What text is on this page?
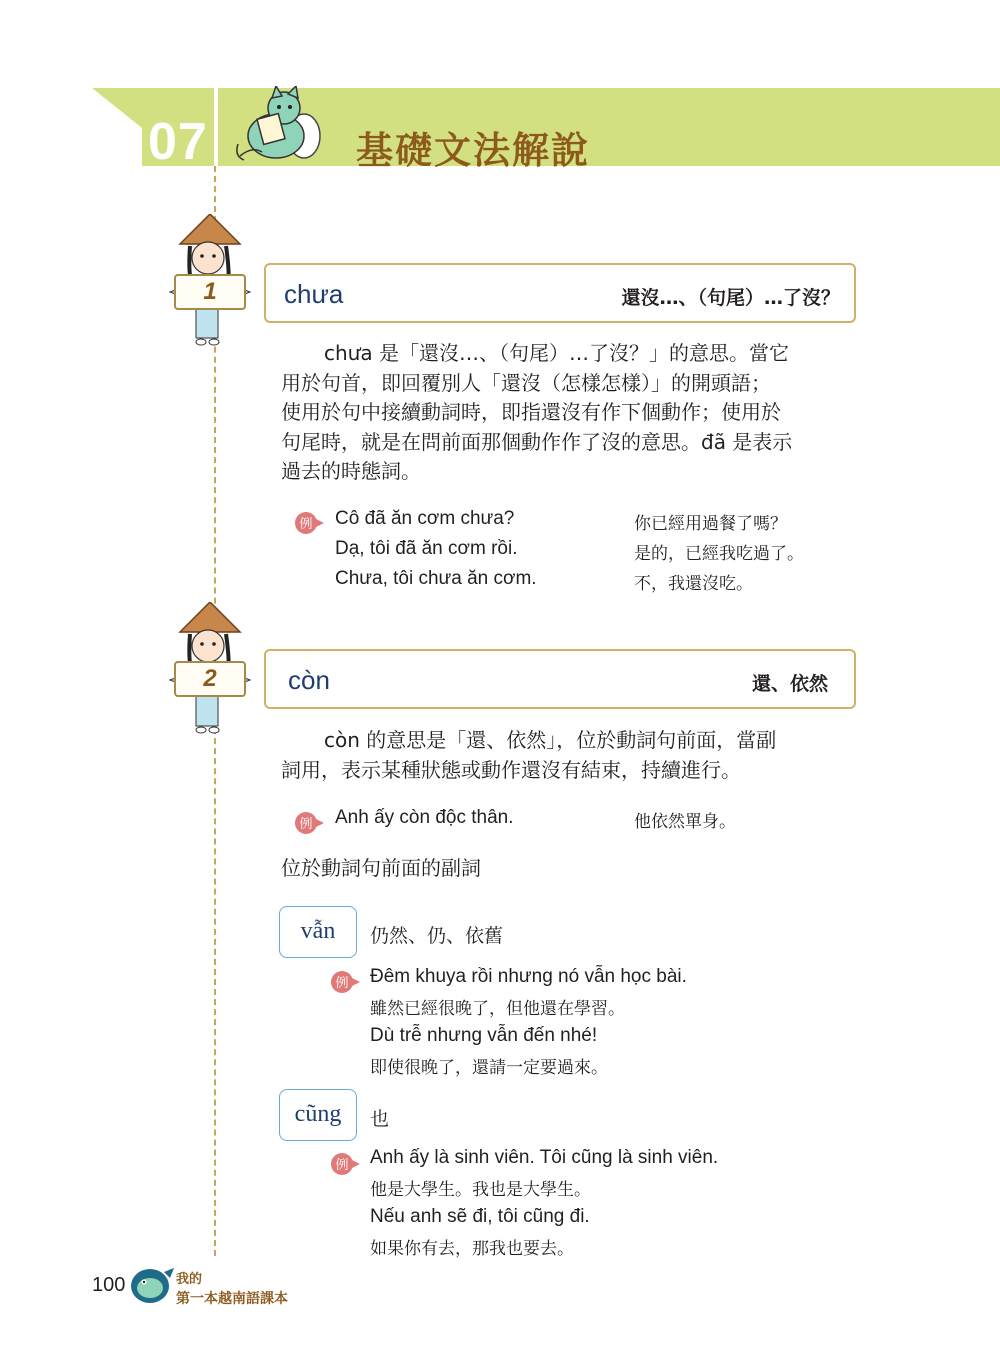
07	基礎文法解說
1	chưa	還沒…、（句尾）…了沒？

chưa 是「還沒…、（句尾）…了沒？」的意思。當它

用於句首，即回覆別人「還沒（怎樣怎樣）」的開頭語；

使用於句中接續動詞時，即指還沒有作下個動作；使用於

句尾時，就是在問前面那個動作作了沒的意思。đã 是表示

過去的時態詞。

例 Cô đã ăn cơm chưa?	你已經用過餐了嗎？
Dạ, tôi đã ăn cơm rồi.	是的，已經我吃過了。
Chưa, tôi chưa ăn cơm.	不，我還沒吃。
2	còn	還、依然

còn 的意思是「還、依然」，位於動詞句前面，當副

詞用，表示某種狀態或動作還沒有結束，持續進行。

例 Anh ấy còn độc thân.	他依然單身。
位於動詞句前面的副詞
vẫn	仍然、仍、依舊
例 Đêm khuya rồi nhưng nó vẫn học bài.
雖然已經很晚了，但他還在學習。
Dù trễ nhưng vẫn đến nhé!
即使很晚了，還請一定要過來。
cũng	也
例 Anh ấy là sinh viên. Tôi cũng là sinh viên.
他是大學生。我也是大學生。
Nếu anh sẽ đi, tôi cũng đi.
如果你有去，那我也要去。
100	我的
第一本越南語課本
